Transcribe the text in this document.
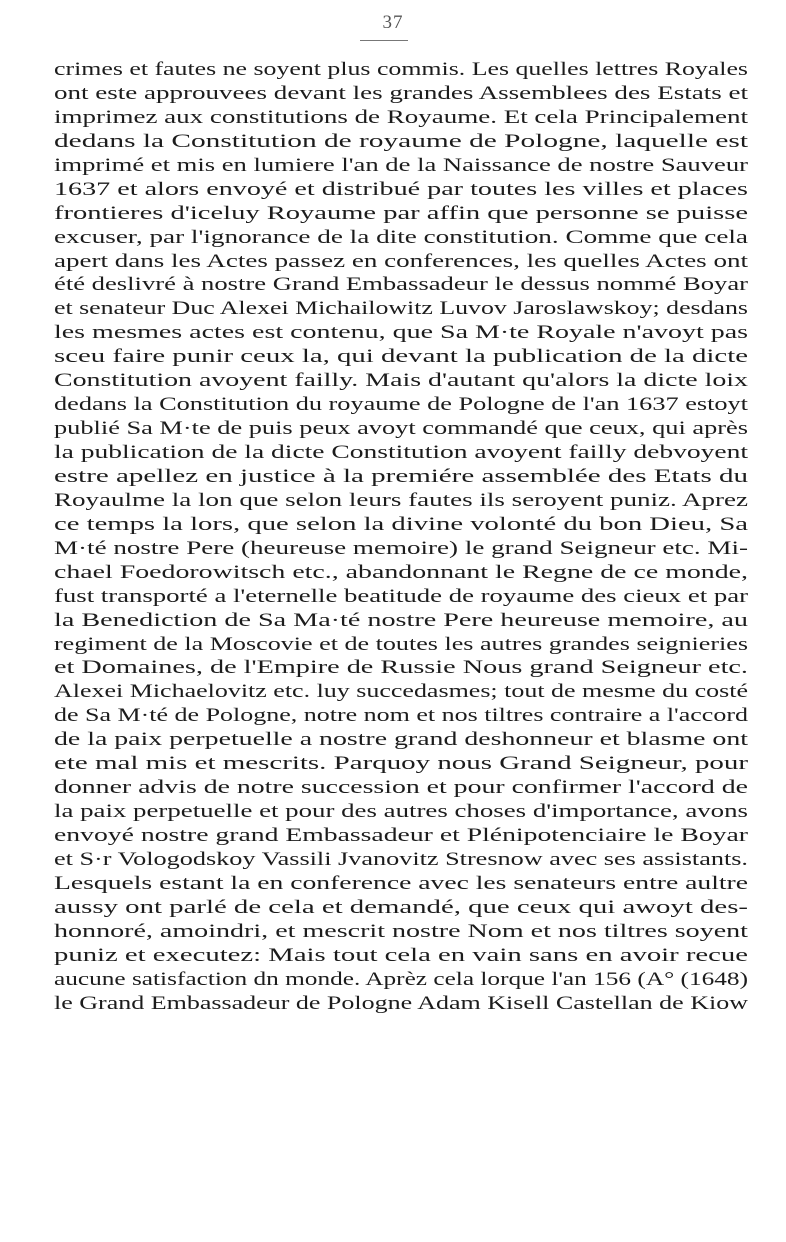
37
crimes et fautes ne soyent plus commis. Les quelles lettres Royales
ont este approuvees devant les grandes Assemblees des Estats et
imprimez aux constitutions de Royaume. Et cela Principalement
dedans la Constitution de royaume de Pologne, laquelle est
imprimé et mis en lumiere l'an de la Naissance de nostre Sauveur
1637 et alors envoyé et distribué par toutes les villes et places
frontieres d'iceluy Royaume par affin que personne se puisse
excuser, par l'ignorance de la dite constitution. Comme que cela
apert dans les Actes passez en conferences, les quelles Actes ont
été deslivré à nostre Grand Embassadeur le dessus nommé Boyar
et senateur Duc Alexei Michailowitz Luvov Jaroslawskoy; desdans
les mesmes actes est contenu, que Sa M·te Royale n'avoyt pas
sceu faire punir ceux la, qui devant la publication de la dicte
Constitution avoyent failly. Mais d'autant qu'alors la dicte loix
dedans la Constitution du royaume de Pologne de l'an 1637 estoyt
publié Sa M·te de puis peux avoyt commandé que ceux, qui après
la publication de la dicte Constitution avoyent failly debvoyent
estre apellez en justice à la premiére assemblée des Etats du
Royaulme la lon que selon leurs fautes ils seroyent puniz. Aprez
ce temps la lors, que selon la divine volonté du bon Dieu, Sa
M·té nostre Pere (heureuse memoire) le grand Seigneur etc. Mi-
chael Foedorowitsch etc., abandonnant le Regne de ce monde,
fust transporté a l'eternelle beatitude de royaume des cieux et par
la Benediction de Sa Ma·té nostre Pere heureuse memoire, au
regiment de la Moscovie et de toutes les autres grandes seignieries
et Domaines, de l'Empire de Russie Nous grand Seigneur etc.
Alexei Michaelovitz etc. luy succedasmes; tout de mesme du costé
de Sa M·té de Pologne, notre nom et nos tiltres contraire a l'accord
de la paix perpetuelle a nostre grand deshonneur et blasme ont
ete mal mis et mescrits. Parquoy nous Grand Seigneur, pour
donner advis de notre succession et pour confirmer l'accord de
la paix perpetuelle et pour des autres choses d'importance, avons
envoyé nostre grand Embassadeur et Plénipotenciaire le Boyar
et S·r Vologodskoy Vassili Jvanovitz Stresnow avec ses assistants.
Lesquels estant la en conference avec les senateurs entre aultre
aussy ont parlé de cela et demandé, que ceux qui awoyt des-
honnoré, amoindri, et mescrit nostre Nom et nos tiltres soyent
puniz et executez: Mais tout cela en vain sans en avoir recue
aucune satisfaction dn monde. Aprèz cela lorque l'an 156 (A° (1648)
le Grand Embassadeur de Pologne Adam Kisell Castellan de Kiow
